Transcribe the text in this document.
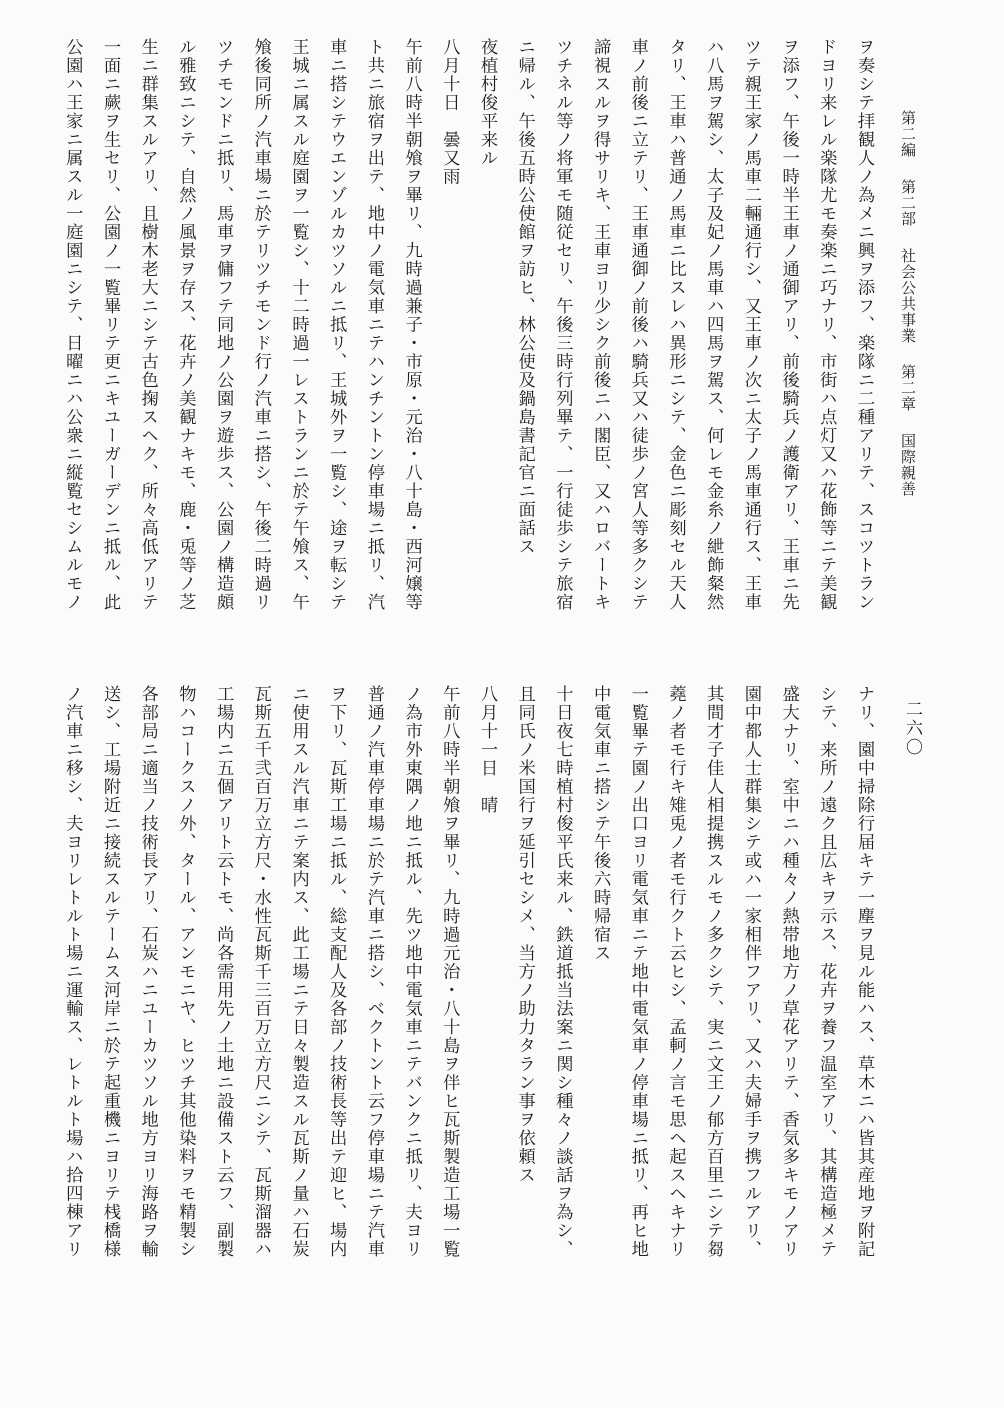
第二編 第二部 社会公共事業 第二章 国際親善
二六〇
ヲ奏シテ拝観人ノ為メニ興ヲ添フ、楽隊ニ二種アリテ、スコツトラン
ドヨリ来レル楽隊尤モ奏楽ニ巧ナリ、市街ハ点灯又ハ花飾等ニテ美観
ヲ添フ、午後一時半王車ノ通御アリ、前後騎兵ノ護衛アリ、王車ニ先
ツテ親王家ノ馬車二輛通行シ、又王車ノ次ニ太子ノ馬車通行ス、王車
ハ八馬ヲ駕シ、太子及妃ノ馬車ハ四馬ヲ駕ス、何レモ金糸ノ紲飾粲然
タリ、王車ハ普通ノ馬車ニ比スレハ異形ニシテ、金色ニ彫刻セル天人
車ノ前後ニ立テリ、王車通御ノ前後ハ騎兵又ハ徒歩ノ宮人等多クシテ
諦視スルヲ得サリキ、王車ヨリ少シク前後ニハ閣臣、又ハロバートキ
ツチネル等ノ将軍モ随従セリ、午後三時行列畢テ、一行徒歩シテ旅宿
ニ帰ル、午後五時公使館ヲ訪ヒ、林公使及鍋島書記官ニ面話ス
夜植村俊平来ル
八月十日　曇又雨
午前八時半朝飧ヲ畢リ、九時過兼子・市原・元治・八十島・西河嬢等
ト共ニ旅宿ヲ出テ、地中ノ電気車ニテハンチントン停車場ニ抵リ、汽
車ニ搭シテウエンゾルカツソルニ抵リ、王城外ヲ一覧シ、途ヲ転シテ
王城ニ属スル庭園ヲ一覧シ、十二時過一レストランニ於テ午飧ス、午
飧後同所ノ汽車場ニ於テリツチモンド行ノ汽車ニ搭シ、午後二時過リ
ツチモンドニ抵リ、馬車ヲ傭フテ同地ノ公園ヲ遊歩ス、公園ノ構造頗
ル雅致ニシテ、自然ノ風景ヲ存ス、花卉ノ美観ナキモ、鹿・兎等ノ芝
生ニ群集スルアリ、且樹木老大ニシテ古色掬スヘク、所々高低アリテ
一面ニ蕨ヲ生セリ、公園ノ一覧畢リテ更ニキユーガーデンニ抵ル、此
公園ハ王家ニ属スル一庭園ニシテ、日曜ニハ公衆ニ縦覧セシムルモノ
ナリ、園中掃除行届キテ一塵ヲ見ル能ハス、草木ニハ皆其産地ヲ附記
シテ、来所ノ遠ク且広キヲ示ス、花卉ヲ養フ温室アリ、其構造極メテ
盛大ナリ、室中ニハ種々ノ熱帯地方ノ草花アリテ、香気多キモノアリ
園中都人士群集シテ或ハ一家相伴フアリ、又ハ夫婦手ヲ携フルアリ、
其間才子佳人相提携スルモノ多クシテ、実ニ文王ノ郁方百里ニシテ芻
蕘ノ者モ行キ雉兎ノ者モ行クト云ヒシ、孟軻ノ言モ思ヘ起スヘキナリ
一覧畢テ園ノ出口ヨリ電気車ニテ地中電気車ノ停車場ニ抵リ、再ヒ地
中電気車ニ搭シテ午後六時帰宿ス
十日夜七時植村俊平氏来ル、鉄道抵当法案ニ関シ種々ノ談話ヲ為シ、
且同氏ノ米国行ヲ延引セシメ、当方ノ助力タラン事ヲ依頼ス
八月十一日　晴
午前八時半朝飧ヲ畢リ、九時過元治・八十島ヲ伴ヒ瓦斯製造工場一覧
ノ為市外東隅ノ地ニ抵ル、先ツ地中電気車ニテバンクニ抵リ、夫ヨリ
普通ノ汽車停車場ニ於テ汽車ニ搭シ、ベクトント云フ停車場ニテ汽車
ヲ下リ、瓦斯工場ニ抵ル、総支配人及各部ノ技術長等出テ迎ヒ、場内
ニ使用スル汽車ニテ案内ス、此工場ニテ日々製造スル瓦斯ノ量ハ石炭
瓦斯五千弐百万立方尺・水性瓦斯千三百万立方尺ニシテ、瓦斯溜器ハ
工場内ニ五個アリト云トモ、尚各需用先ノ土地ニ設備スト云フ、副製
物ハコークスノ外、タール、アンモニヤ、ヒツチ其他染料ヲモ精製シ
各部局ニ適当ノ技術長アリ、石炭ハニユーカツソル地方ヨリ海路ヲ輸
送シ、工場附近ニ接続スルテームス河岸ニ於テ起重機ニヨリテ桟橋様
ノ汽車ニ移シ、夫ヨリレトルト場ニ運輸ス、レトルト場ハ拾四棟アリ
